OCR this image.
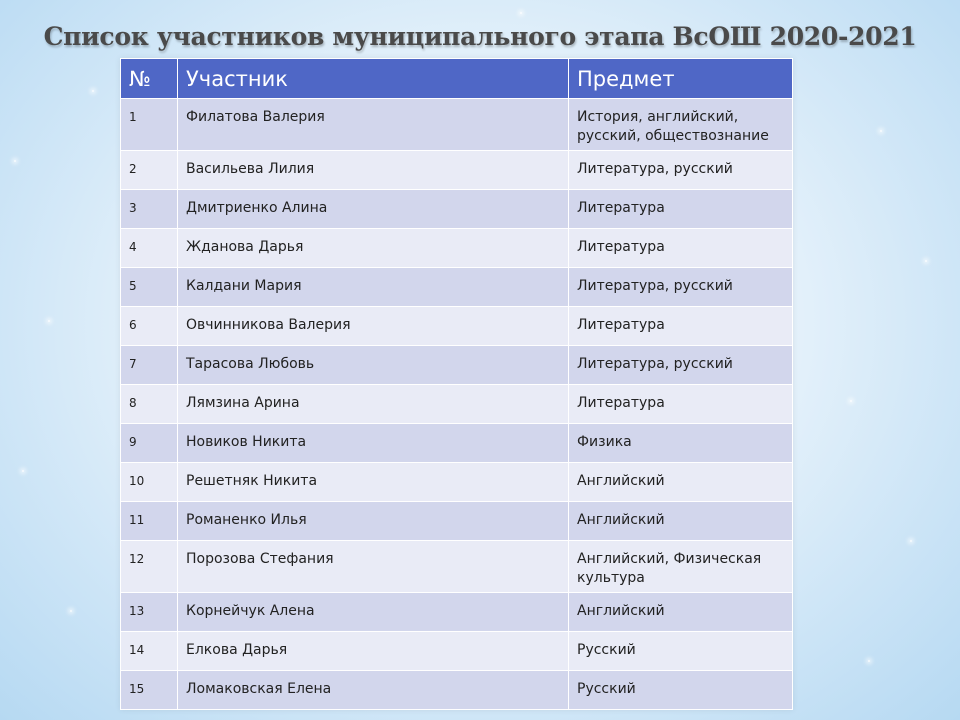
Список участников муниципального этапа ВсОШ 2020-2021
№	Участник	Предмет
1	Филатова Валерия	История, английский, русский, обществознание
2	Васильева Лилия	Литература, русский
3	Дмитриенко Алина	Литература
4	Жданова Дарья	Литература
5	Калдани Мария	Литература, русский
6	Овчинникова Валерия	Литература
7	Тарасова Любовь	Литература, русский
8	Лямзина Арина	Литература
9	Новиков Никита	Физика
10	Решетняк Никита	Английский
11	Романенко Илья	Английский
12	Порозова Стефания	Английский, Физическая культура
13	Корнейчук Алена	Английский
14	Елкова Дарья	Русский
15	Ломаковская Елена	Русский
